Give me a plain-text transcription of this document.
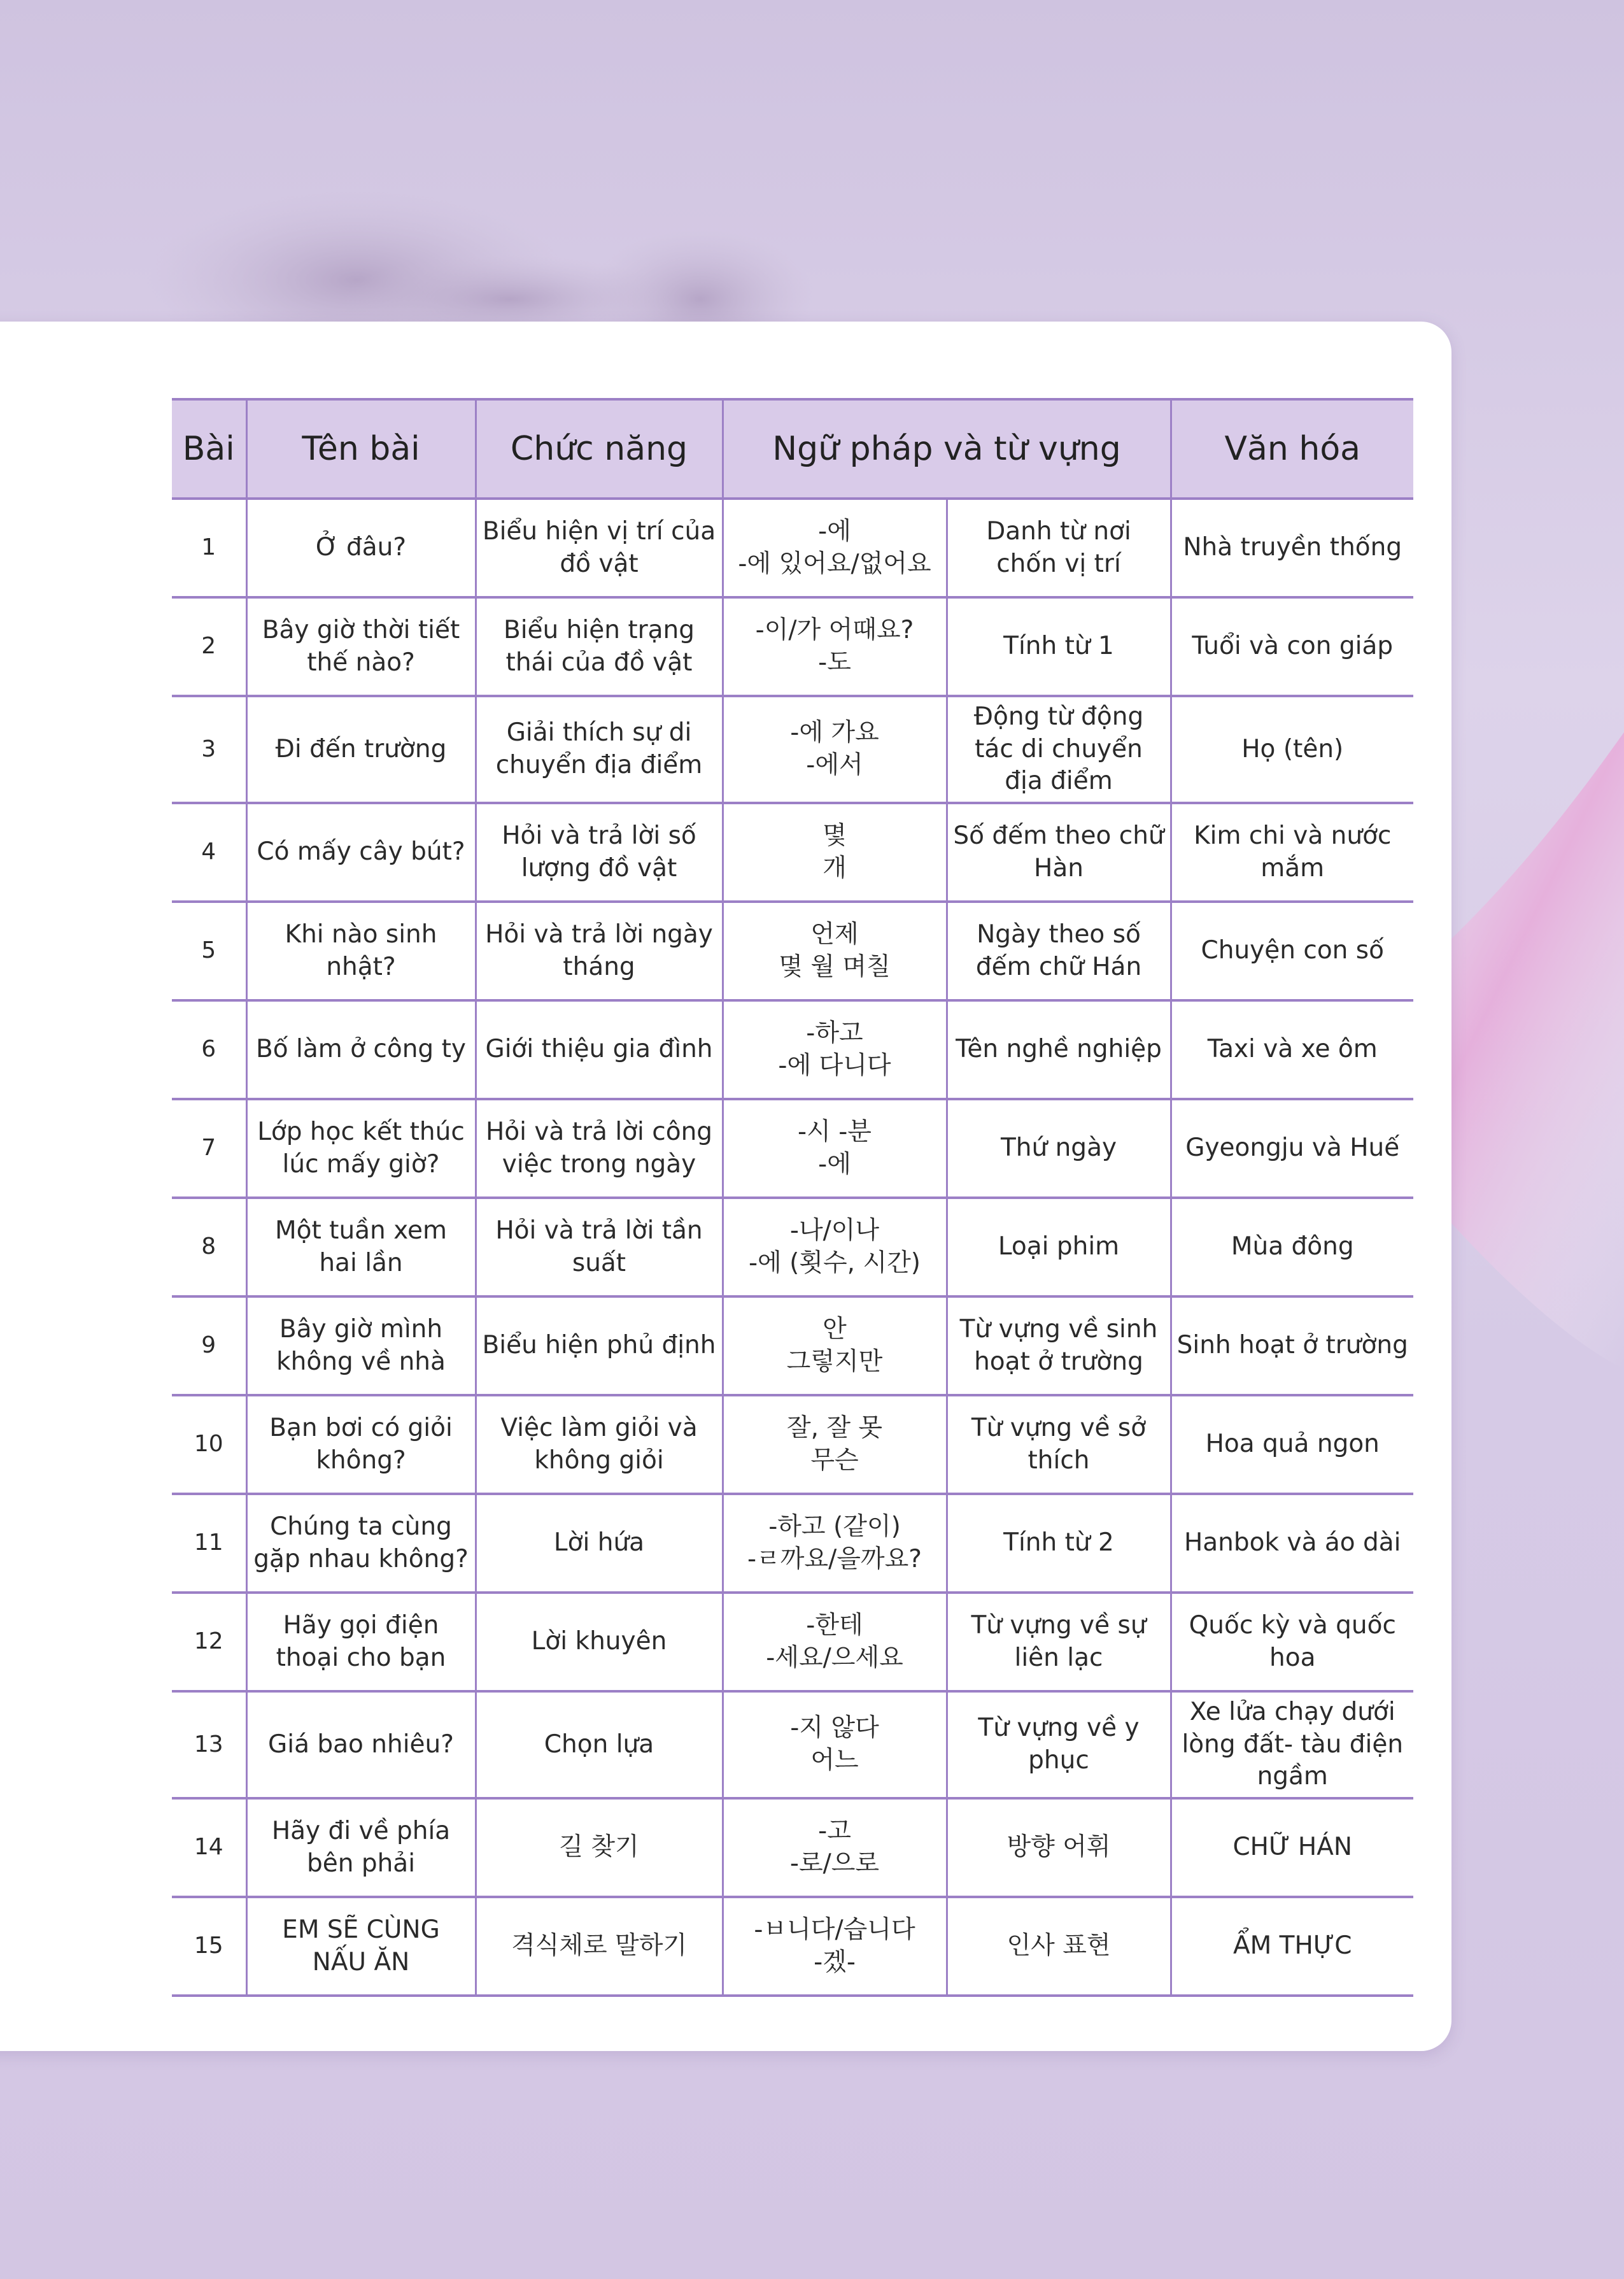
Bài	Tên bài	Chức năng	Ngữ pháp và từ vựng		Văn hóa

1	Ở đâu?	Biểu hiện vị trí của đồ vật	-에
-에 있어요/없어요	Danh từ nơi chốn vị trí	Nhà truyền thống

2	Bây giờ thời tiết thế nào?	Biểu hiện trạng thái của đồ vật	-이/가 어때요?
-도	Tính từ 1	Tuổi và con giáp

3	Đi đến trường	Giải thích sự di chuyển địa điểm	-에 가요
-에서	Động từ động tác di chuyển địa điểm	Họ (tên)

4	Có mấy cây bút?	Hỏi và trả lời số lượng đồ vật	몇
개	Số đếm theo chữ Hàn	Kim chi và nước mắm

5	Khi nào sinh nhật?	Hỏi và trả lời ngày tháng	언제
몇 월 며칠	Ngày theo số đếm chữ Hán	Chuyện con số

6	Bố làm ở công ty	Giới thiệu gia đình	-하고
-에 다니다	Tên nghề nghiệp	Taxi và xe ôm

7	Lớp học kết thúc lúc mấy giờ?	Hỏi và trả lời công việc trong ngày	-시 -분
-에	Thứ ngày	Gyeongju và Huế

8	Một tuần xem hai lần	Hỏi và trả lời tần suất	-나/이나
-에 (횟수, 시간)	Loại phim	Mùa đông

9	Bây giờ mình không về nhà	Biểu hiện phủ định	안
그렇지만	Từ vựng về sinh hoạt ở trường	Sinh hoạt ở trường

10	Bạn bơi có giỏi không?	Việc làm giỏi và không giỏi	잘, 잘 못
무슨	Từ vựng về sở thích	Hoa quả ngon

11	Chúng ta cùng gặp nhau không?	Lời hứa	-하고 (같이)
-ㄹ까요/을까요?	Tính từ 2	Hanbok và áo dài

12	Hãy gọi điện thoại cho bạn	Lời khuyên	-한테
-세요/으세요	Từ vựng về sự liên lạc	Quốc kỳ và quốc hoa

13	Giá bao nhiêu?	Chọn lựa	-지 않다
어느	Từ vựng về y phục	Xe lửa chạy dưới lòng đất- tàu điện ngầm

14	Hãy đi về phía bên phải	길 찾기	-고
-로/으로	방향 어휘	CHỮ HÁN

15	EM SẼ CÙNG NẤU ĂN	격식체로 말하기	-ㅂ니다/습니다
-겠-	인사 표현	ẨM THỰC
